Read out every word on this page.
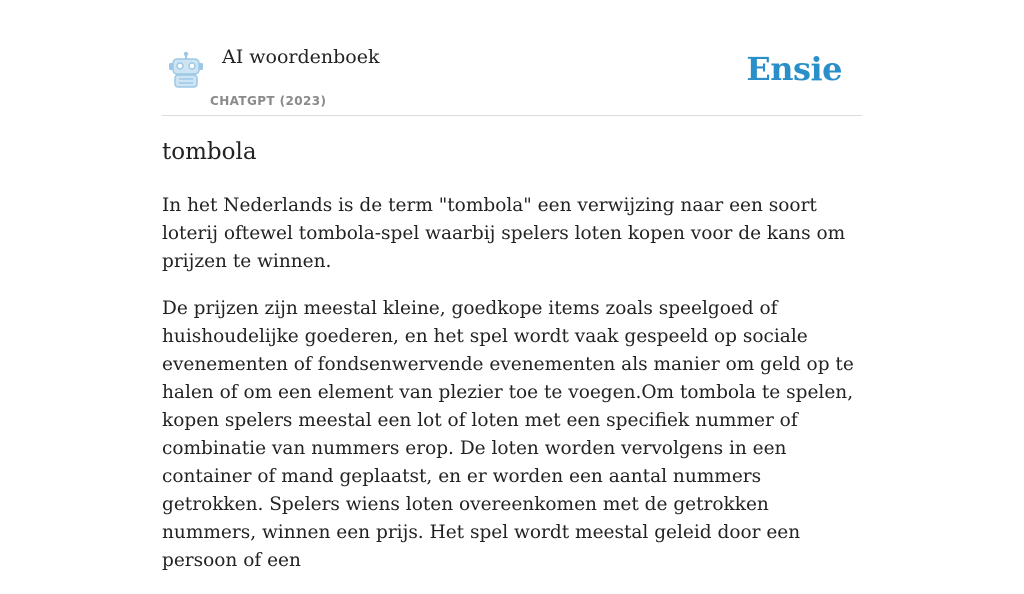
AI woordenboek
CHATGPT (2023)
Ensie
tombola

In het Nederlands is de term "tombola" een verwijzing naar een soort loterij oftewel tombola-spel waarbij spelers loten kopen voor de kans om prijzen te winnen.

De prijzen zijn meestal kleine, goedkope items zoals speelgoed of huishoudelijke goederen, en het spel wordt vaak gespeeld op sociale evenementen of fondsenwervende evenementen als manier om geld op te halen of om een element van plezier toe te voegen.Om tombola te spelen, kopen spelers meestal een lot of loten met een specifiek nummer of combinatie van nummers erop. De loten worden vervolgens in een container of mand geplaatst, en er worden een aantal nummers getrokken. Spelers wiens loten overeenkomen met de getrokken nummers, winnen een prijs. Het spel wordt meestal geleid door een persoon of een
